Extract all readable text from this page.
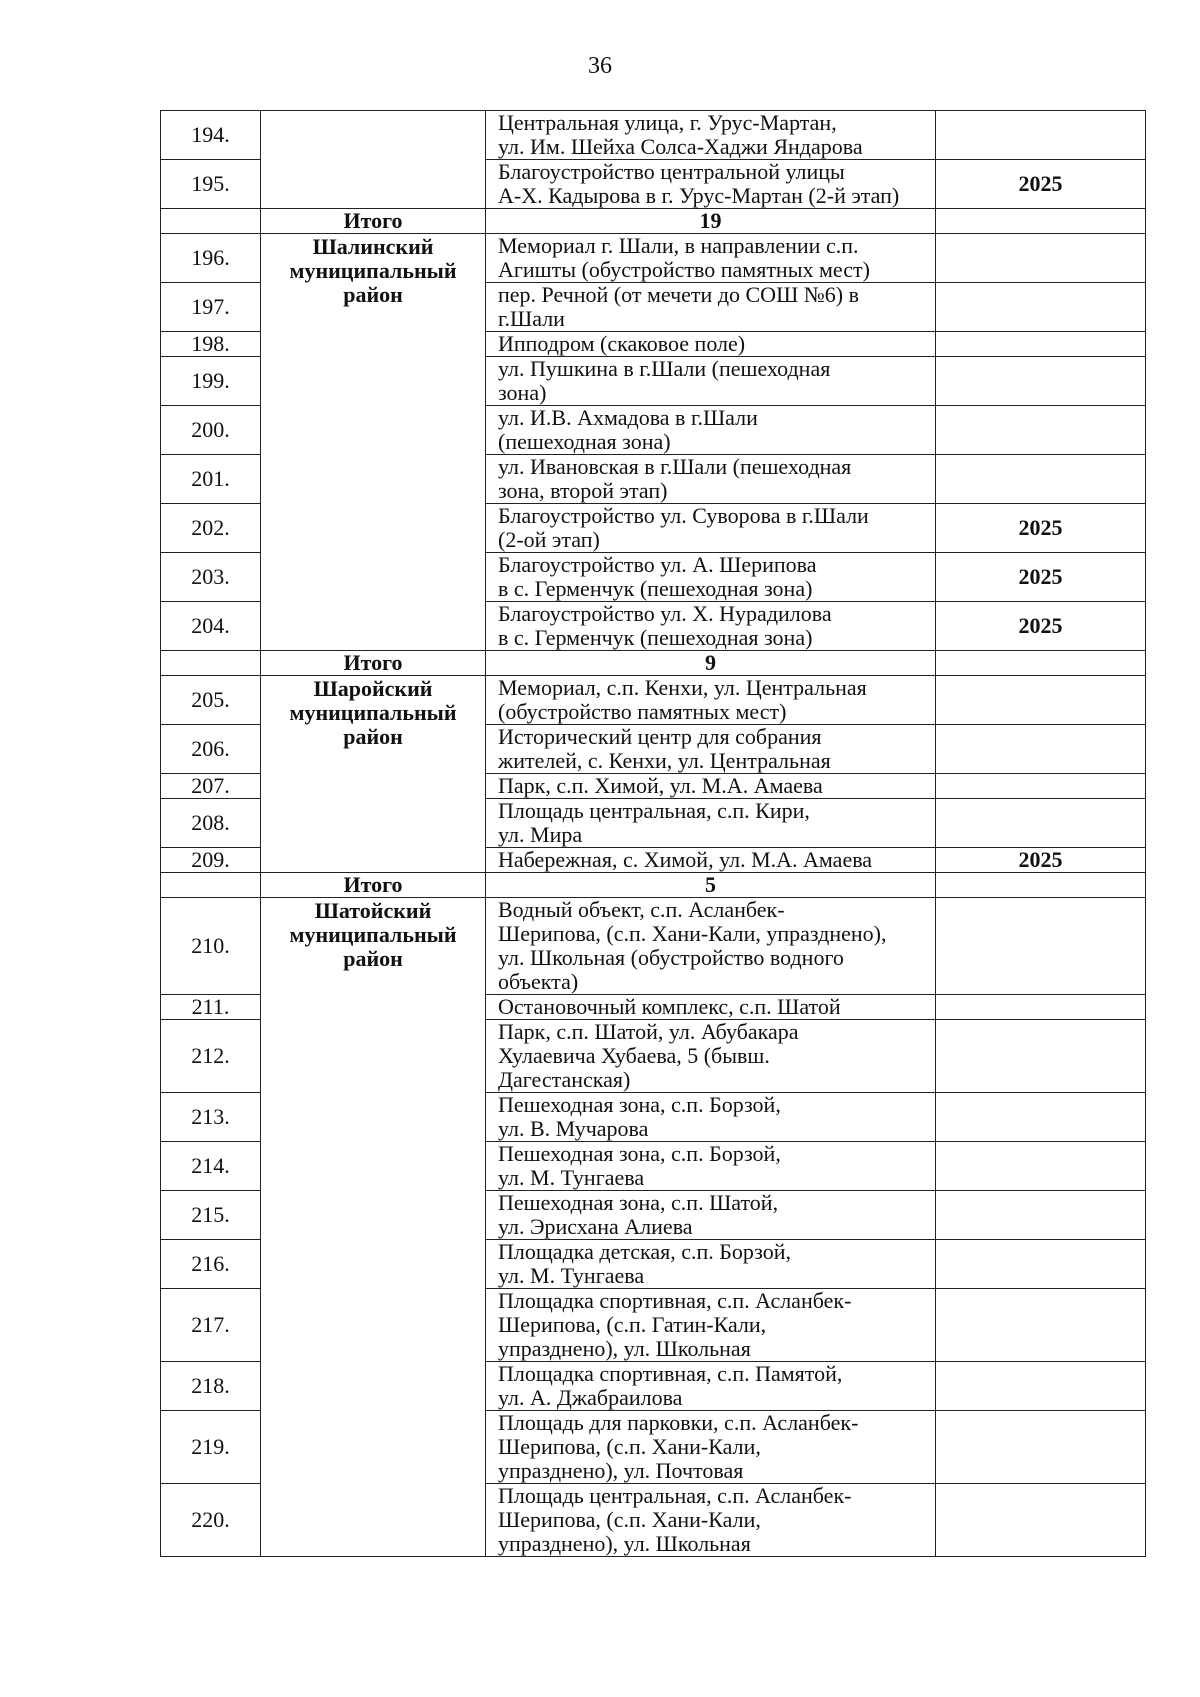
36
194.		Центральная улица, г. Урус-Мартан,
ул. Им. Шейха Солса-Хаджи Яндарова	

195.		Благоустройство центральной улицы
А-Х. Кадырова в г. Урус-Мартан (2-й этап)	2025
	Итого	19	
196.	Шалинский муниципальный район	Мемориал г. Шали, в направлении с.п.
Агишты (обустройство памятных мест)	

197.		пер. Речной (от мечети до СОШ №6) в
г.Шали	

198.		Ипподром (скаковое поле)	

199.		ул. Пушкина в г.Шали (пешеходная
зона)	

200.		ул. И.В. Ахмадова в г.Шали
(пешеходная зона)	

201.		ул. Ивановская в г.Шали (пешеходная
зона, второй этап)	

202.		Благоустройство ул. Суворова в г.Шали
(2-ой этап)	2025
203.		Благоустройство ул. А. Шерипова
в с. Герменчук (пешеходная зона)	2025
204.		Благоустройство ул. Х. Нурадилова
в с. Герменчук (пешеходная зона)	2025
	Итого	9	
205.	Шаройский муниципальный район	Мемориал, с.п. Кенхи, ул. Центральная
(обустройство памятных мест)	

206.		Исторический центр для собрания
жителей, с. Кенхи, ул. Центральная	

207.		Парк, с.п. Химой, ул. М.А. Амаева	

208.		Площадь центральная, с.п. Кири,
ул. Мира	

209.		Набережная, с. Химой, ул. М.А. Амаева	2025
	Итого	5	
210.	Шатойский муниципальный район	Водный объект, с.п. Асланбек-
Шерипова, (с.п. Хани-Кали, упразднено),
ул. Школьная (обустройство водного
объекта)	

211.		Остановочный комплекс, с.п. Шатой	

212.		Парк, с.п. Шатой, ул. Абубакара
Хулаевича Хубаева, 5 (бывш.
Дагестанская)	

213.		Пешеходная зона, с.п. Борзой,
ул. В. Мучарова	

214.		Пешеходная зона, с.п. Борзой,
ул. М. Тунгаева	

215.		Пешеходная зона, с.п. Шатой,
ул. Эрисхана Алиева	

216.		Площадка детская, с.п. Борзой,
ул. М. Тунгаева	

217.		Площадка спортивная, с.п. Асланбек-
Шерипова, (с.п. Гатин-Кали,
упразднено), ул. Школьная	

218.		Площадка спортивная, с.п. Памятой,
ул. А. Джабраилова	

219.		Площадь для парковки, с.п. Асланбек-
Шерипова, (с.п. Хани-Кали,
упразднено), ул. Почтовая	

220.		Площадь центральная, с.п. Асланбек-
Шерипова, (с.п. Хани-Кали,
упразднено), ул. Школьная	
